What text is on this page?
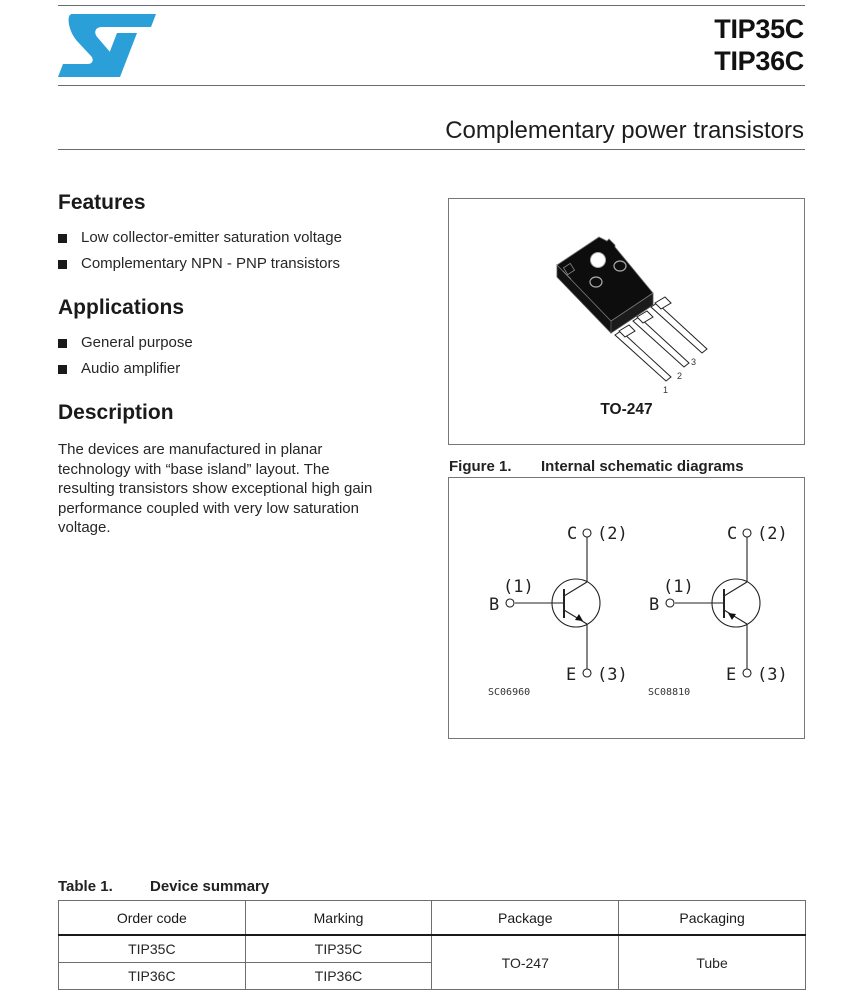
TIP35C
TIP36C
Complementary power transistors
Features
Low collector-emitter saturation voltage
Complementary NPN - PNP transistors
Applications
General purpose
Audio amplifier
Description
The devices are manufactured in planar
technology with “base island” layout. The
resulting transistors show exceptional high gain
performance coupled with very low saturation
voltage.
1
2
3
TO-247
Figure 1. Internal schematic diagrams
C (2)
(1)
B
E (3)
C (2)
(1)
B
E (3)
SC06960	SC08810
Table 1. Device summary
Order code	Marking	Package	Packaging
TIP35C	TIP35C	TO-247	Tube
TIP36C	TIP36C		
